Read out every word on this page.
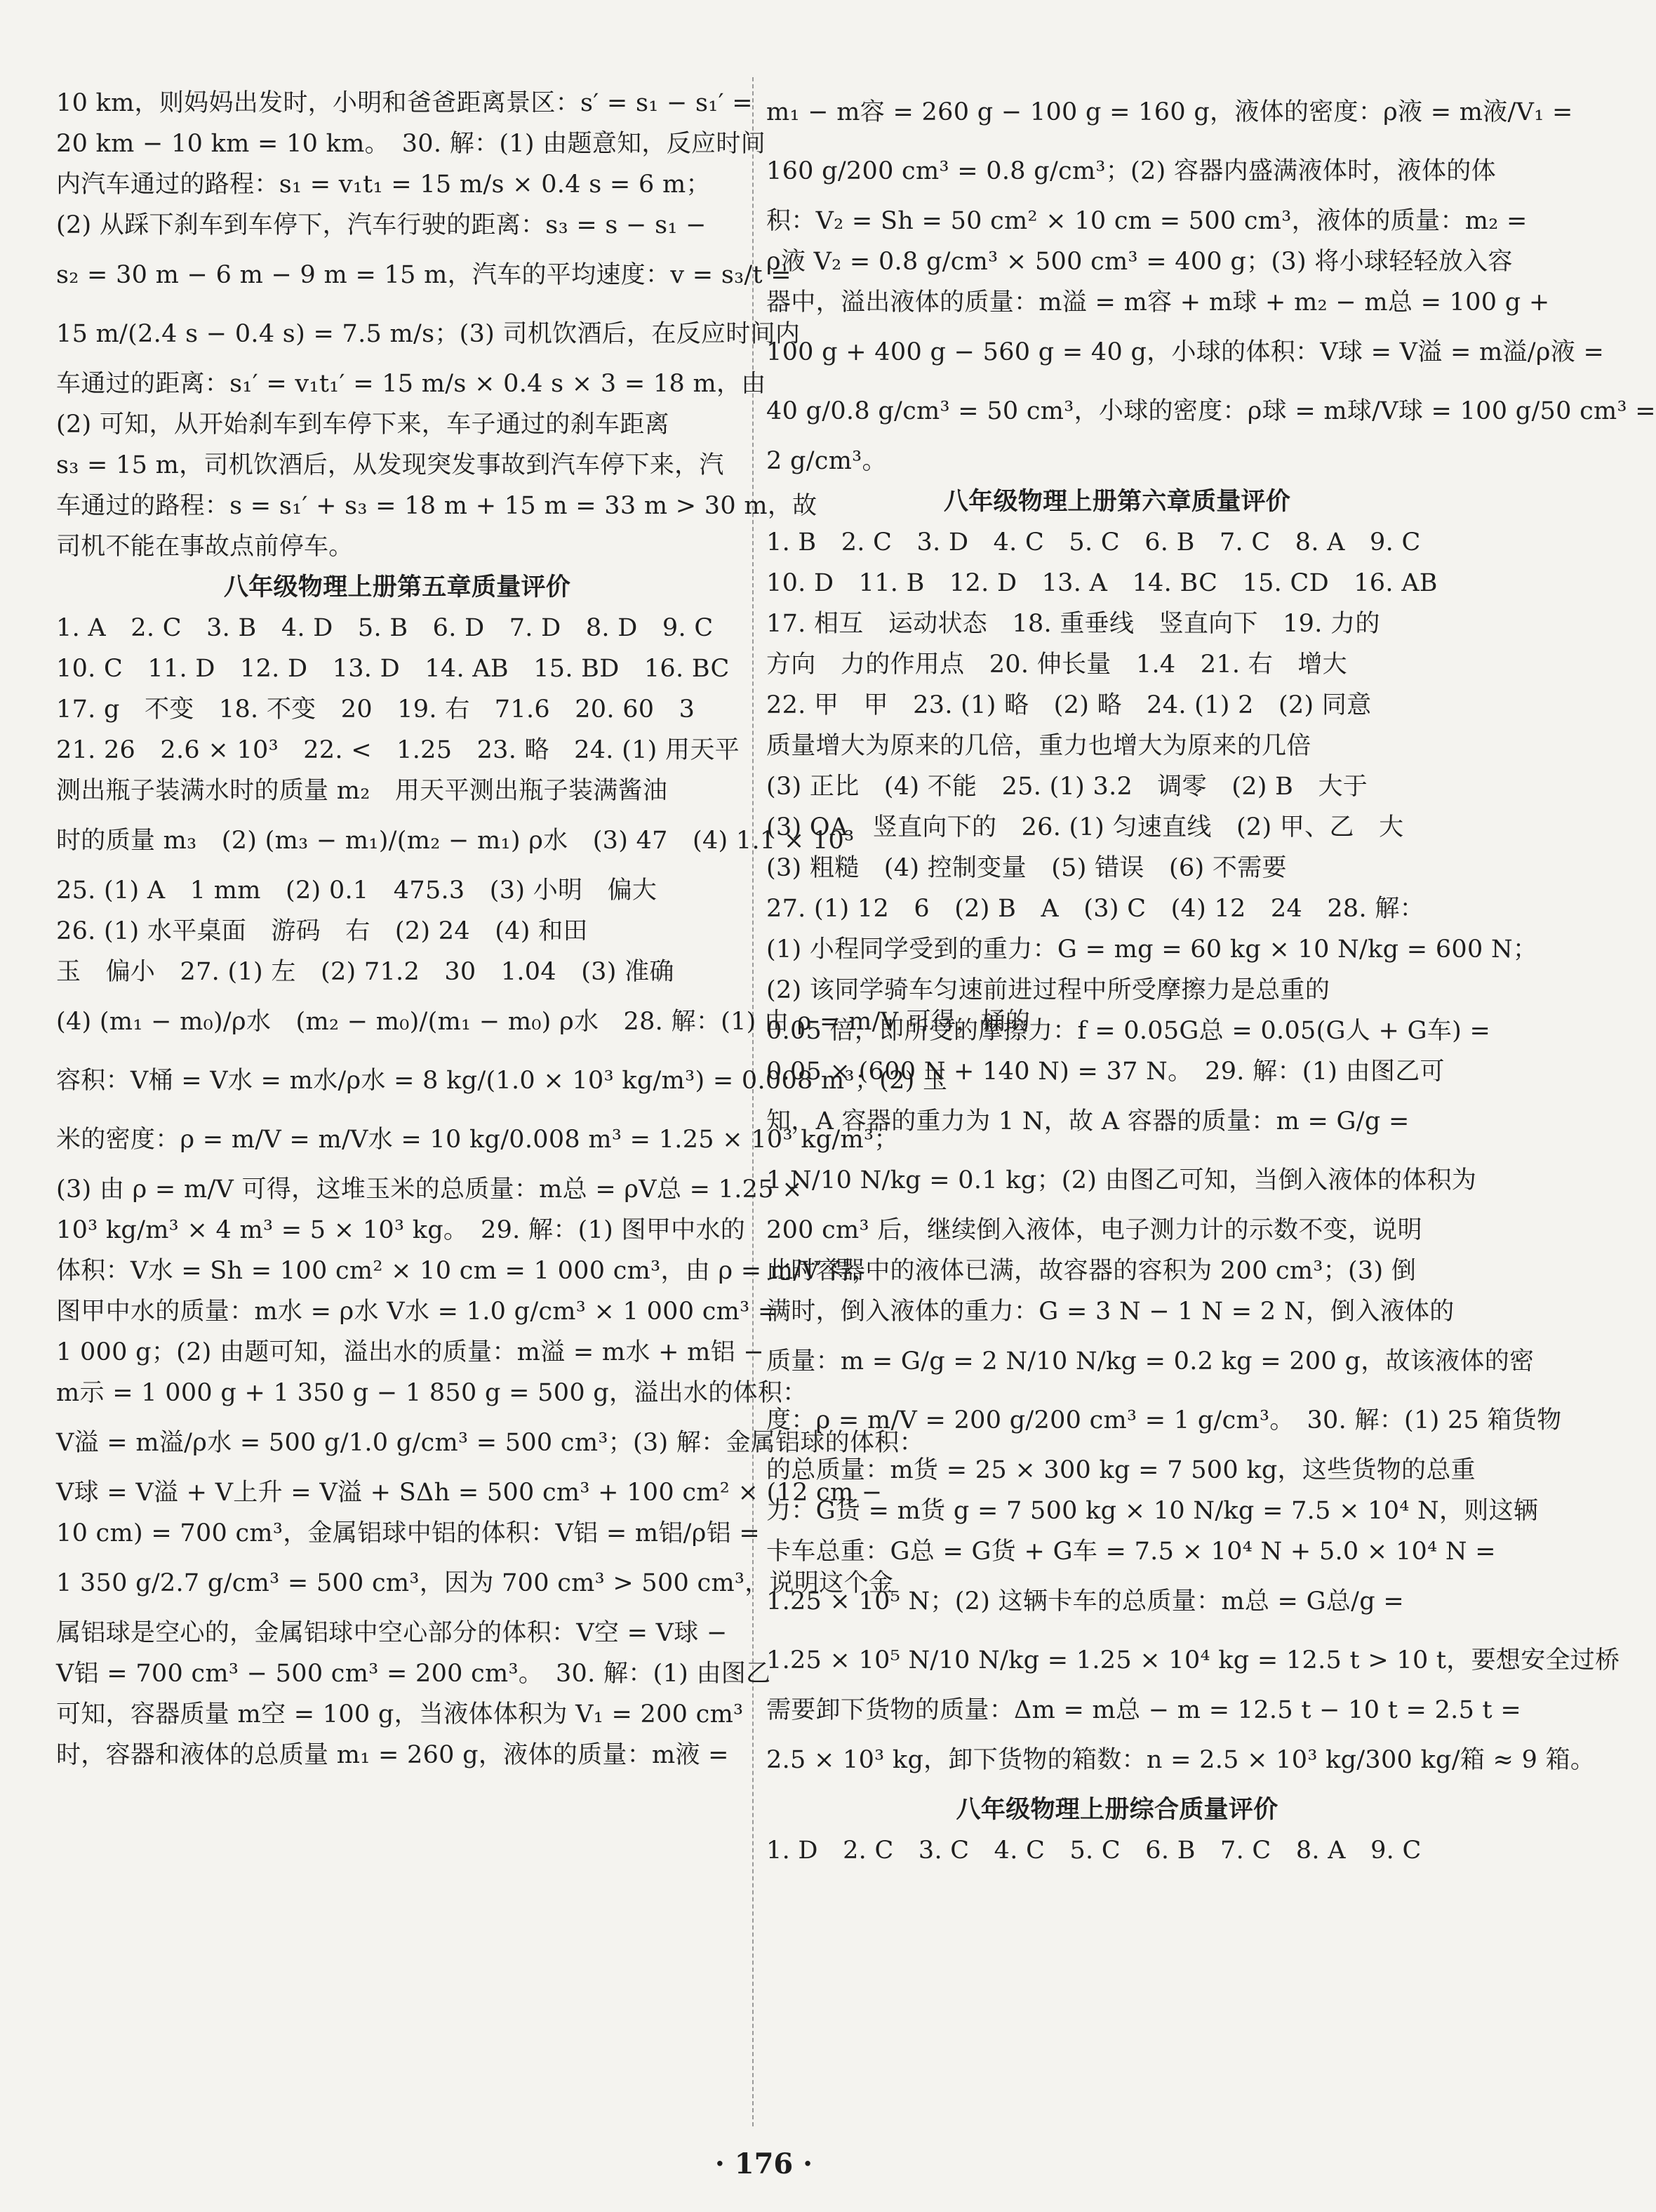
10 km，则妈妈出发时，小明和爸爸距离景区：s′ = s₁ − s₁′ =
20 km − 10 km = 10 km。　30. 解：(1) 由题意知，反应时间
内汽车通过的路程：s₁ = v₁t₁ = 15 m/s × 0.4 s = 6 m；
(2) 从踩下刹车到车停下，汽车行驶的距离：s₃ = s − s₁ −
s₂ = 30 m − 6 m − 9 m = 15 m，汽车的平均速度：v = s₃/t =
15 m/(2.4 s − 0.4 s) = 7.5 m/s；(3) 司机饮酒后，在反应时间内
车通过的距离：s₁′ = v₁t₁′ = 15 m/s × 0.4 s × 3 = 18 m，由
(2) 可知，从开始刹车到车停下来，车子通过的刹车距离
s₃ = 15 m，司机饮酒后，从发现突发事故到汽车停下来，汽
车通过的路程：s = s₁′ + s₃ = 18 m + 15 m = 33 m > 30 m，故
司机不能在事故点前停车。
八年级物理上册第五章质量评价
1. A　2. C　3. B　4. D　5. B　6. D　7. D　8. D　9. C
10. C　11. D　12. D　13. D　14. AB　15. BD　16. BC
17. g　不变　18. 不变　20　19. 右　71.6　20. 60　3
21. 26　2.6 × 10³　22. <　1.25　23. 略　24. (1) 用天平
测出瓶子装满水时的质量 m₂　用天平测出瓶子装满酱油
时的质量 m₃　(2) (m₃ − m₁)/(m₂ − m₁) ρ水　(3) 47　(4) 1.1 × 10³
25. (1) A　1 mm　(2) 0.1　475.3　(3) 小明　偏大
26. (1) 水平桌面　游码　右　(2) 24　(4) 和田
玉　偏小　27. (1) 左　(2) 71.2　30　1.04　(3) 准确
(4) (m₁ − m₀)/ρ水　(m₂ − m₀)/(m₁ − m₀) ρ水　28. 解：(1) 由 ρ = m/V 可得，桶的
容积：V桶 = V水 = m水/ρ水 = 8 kg/(1.0 × 10³ kg/m³) = 0.008 m³；(2) 玉
米的密度：ρ = m/V = m/V水 = 10 kg/0.008 m³ = 1.25 × 10³ kg/m³；
(3) 由 ρ = m/V 可得，这堆玉米的总质量：m总 = ρV总 = 1.25 ×
10³ kg/m³ × 4 m³ = 5 × 10³ kg。　29. 解：(1) 图甲中水的
体积：V水 = Sh = 100 cm² × 10 cm = 1 000 cm³，由 ρ = m/V 得，
图甲中水的质量：m水 = ρ水 V水 = 1.0 g/cm³ × 1 000 cm³ =
1 000 g；(2) 由题可知，溢出水的质量：m溢 = m水 + m铝 −
m示 = 1 000 g + 1 350 g − 1 850 g = 500 g，溢出水的体积：
V溢 = m溢/ρ水 = 500 g/1.0 g/cm³ = 500 cm³；(3) 解：金属铝球的体积：
V球 = V溢 + V上升 = V溢 + SΔh = 500 cm³ + 100 cm² × (12 cm −
10 cm) = 700 cm³，金属铝球中铝的体积：V铝 = m铝/ρ铝 =
1 350 g/2.7 g/cm³ = 500 cm³，因为 700 cm³ > 500 cm³，说明这个金
属铝球是空心的，金属铝球中空心部分的体积：V空 = V球 −
V铝 = 700 cm³ − 500 cm³ = 200 cm³。　30. 解：(1) 由图乙
可知，容器质量 m空 = 100 g，当液体体积为 V₁ = 200 cm³
时，容器和液体的总质量 m₁ = 260 g，液体的质量：m液 =
m₁ − m容 = 260 g − 100 g = 160 g，液体的密度：ρ液 = m液/V₁ =
160 g/200 cm³ = 0.8 g/cm³；(2) 容器内盛满液体时，液体的体
积：V₂ = Sh = 50 cm² × 10 cm = 500 cm³，液体的质量：m₂ =
ρ液 V₂ = 0.8 g/cm³ × 500 cm³ = 400 g；(3) 将小球轻轻放入容
器中，溢出液体的质量：m溢 = m容 + m球 + m₂ − m总 = 100 g +
100 g + 400 g − 560 g = 40 g，小球的体积：V球 = V溢 = m溢/ρ液 =
40 g/0.8 g/cm³ = 50 cm³，小球的密度：ρ球 = m球/V球 = 100 g/50 cm³ =
2 g/cm³。
八年级物理上册第六章质量评价
1. B　2. C　3. D　4. C　5. C　6. B　7. C　8. A　9. C
10. D　11. B　12. D　13. A　14. BC　15. CD　16. AB
17. 相互　运动状态　18. 重垂线　竖直向下　19. 力的
方向　力的作用点　20. 伸长量　1.4　21. 右　增大
22. 甲　甲　23. (1) 略　(2) 略　24. (1) 2　(2) 同意
质量增大为原来的几倍，重力也增大为原来的几倍
(3) 正比　(4) 不能　25. (1) 3.2　调零　(2) B　大于
(3) OA　竖直向下的　26. (1) 匀速直线　(2) 甲、乙　大
(3) 粗糙　(4) 控制变量　(5) 错误　(6) 不需要
27. (1) 12　6　(2) B　A　(3) C　(4) 12　24　28. 解：
(1) 小程同学受到的重力：G = mg = 60 kg × 10 N/kg = 600 N；
(2) 该同学骑车匀速前进过程中所受摩擦力是总重的
0.05 倍，即所受的摩擦力：f = 0.05G总 = 0.05(G人 + G车) =
0.05 × (600 N + 140 N) = 37 N。　29. 解：(1) 由图乙可
知，A 容器的重力为 1 N，故 A 容器的质量：m = G/g =
1 N/10 N/kg = 0.1 kg；(2) 由图乙可知，当倒入液体的体积为
200 cm³ 后，继续倒入液体，电子测力计的示数不变，说明
此时容器中的液体已满，故容器的容积为 200 cm³；(3) 倒
满时，倒入液体的重力：G = 3 N − 1 N = 2 N，倒入液体的
质量：m = G/g = 2 N/10 N/kg = 0.2 kg = 200 g，故该液体的密
度：ρ = m/V = 200 g/200 cm³ = 1 g/cm³。　30. 解：(1) 25 箱货物
的总质量：m货 = 25 × 300 kg = 7 500 kg，这些货物的总重
力：G货 = m货 g = 7 500 kg × 10 N/kg = 7.5 × 10⁴ N，则这辆
卡车总重：G总 = G货 + G车 = 7.5 × 10⁴ N + 5.0 × 10⁴ N =
1.25 × 10⁵ N；(2) 这辆卡车的总质量：m总 = G总/g =
1.25 × 10⁵ N/10 N/kg = 1.25 × 10⁴ kg = 12.5 t > 10 t，要想安全过桥
需要卸下货物的质量：Δm = m总 − m = 12.5 t − 10 t = 2.5 t =
2.5 × 10³ kg，卸下货物的箱数：n = 2.5 × 10³ kg/300 kg/箱 ≈ 9 箱。
八年级物理上册综合质量评价
1. D　2. C　3. C　4. C　5. C　6. B　7. C　8. A　9. C
· 176 ·
